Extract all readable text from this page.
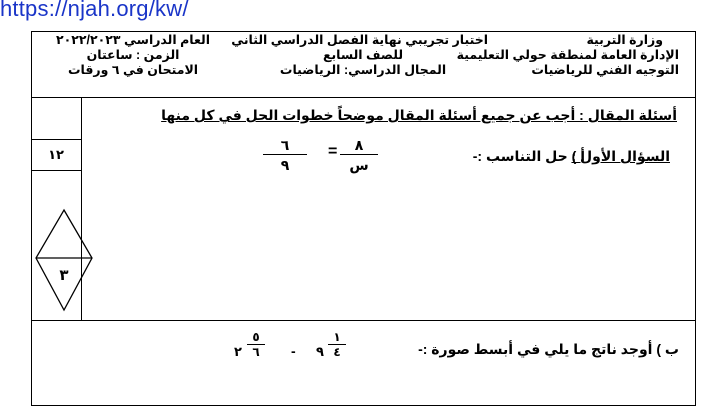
https://njah.org/kw/
وزارة التربية
الإدارة العامة لمنطقة حولي التعليمية
التوجيه الفني للرياضيات
اختبار تجريبي نهاية الفصل الدراسي الثاني
للصف السابع
المجال الدراسي: الرياضيات
العام الدراسي ٢٠٢٢/٢٠٢٣
الزمن : ساعتان
الامتحان في ٦ ورقات
١٢
٣
أسئلة المقال : أجب عن جميع أسئلة المقال موضحاً خطوات الحل في كل منها
السؤال الأول :
أ ) حل التناسب :-
٨
س
=
٦
٩
ب ) أوجد ناتج ما يلي في أبسط صورة :-
٩
١
٤
-
٢
٥
٦
